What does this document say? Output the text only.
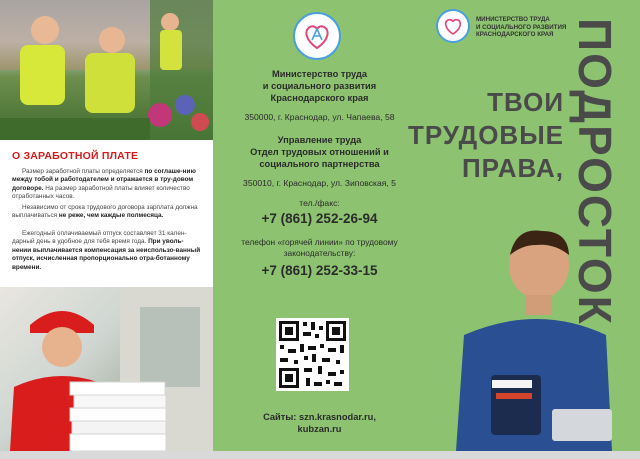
О ЗАРАБОТНОЙ ПЛАТЕ
Размер заработной платы определяется по соглаше-нию между тобой и работодателем и отражается в тру-довом договоре. На размер заработной платы влияет количество отработанных часов.
Независимо от срока трудового договора зарплата должна выплачиваться не реже, чем каждые полмесяца.
Ежегодный оплачиваемый отпуск составляет 31 кален-дарный день в удобное для тебя время года. При уволь-нении выплачивается компенсация за неиспользо-ванный отпуск, исчисленная пропорционально отра-ботанному времени.
Министерство труда
и социального развития
Краснодарского края
350000, г. Краснодар, ул. Чапаева, 58
Управление труда
Отдел трудовых отношений и
социального партнерства
350010, г. Краснодар, ул. Зиповская, 5
тел./факс:
+7 (861) 252-26-94
телефон «горячей линии» по трудовому
законодательству:
+7 (861) 252-33-15
Сайты: szn.krasnodar.ru,
kubzan.ru
МИНИСТЕРСТВО ТРУДА
И СОЦИАЛЬНОГО РАЗВИТИЯ
КРАСНОДАРСКОГО КРАЯ
ТВОИ
ТРУДОВЫЕ
ПРАВА, ПОДРОСТОК
